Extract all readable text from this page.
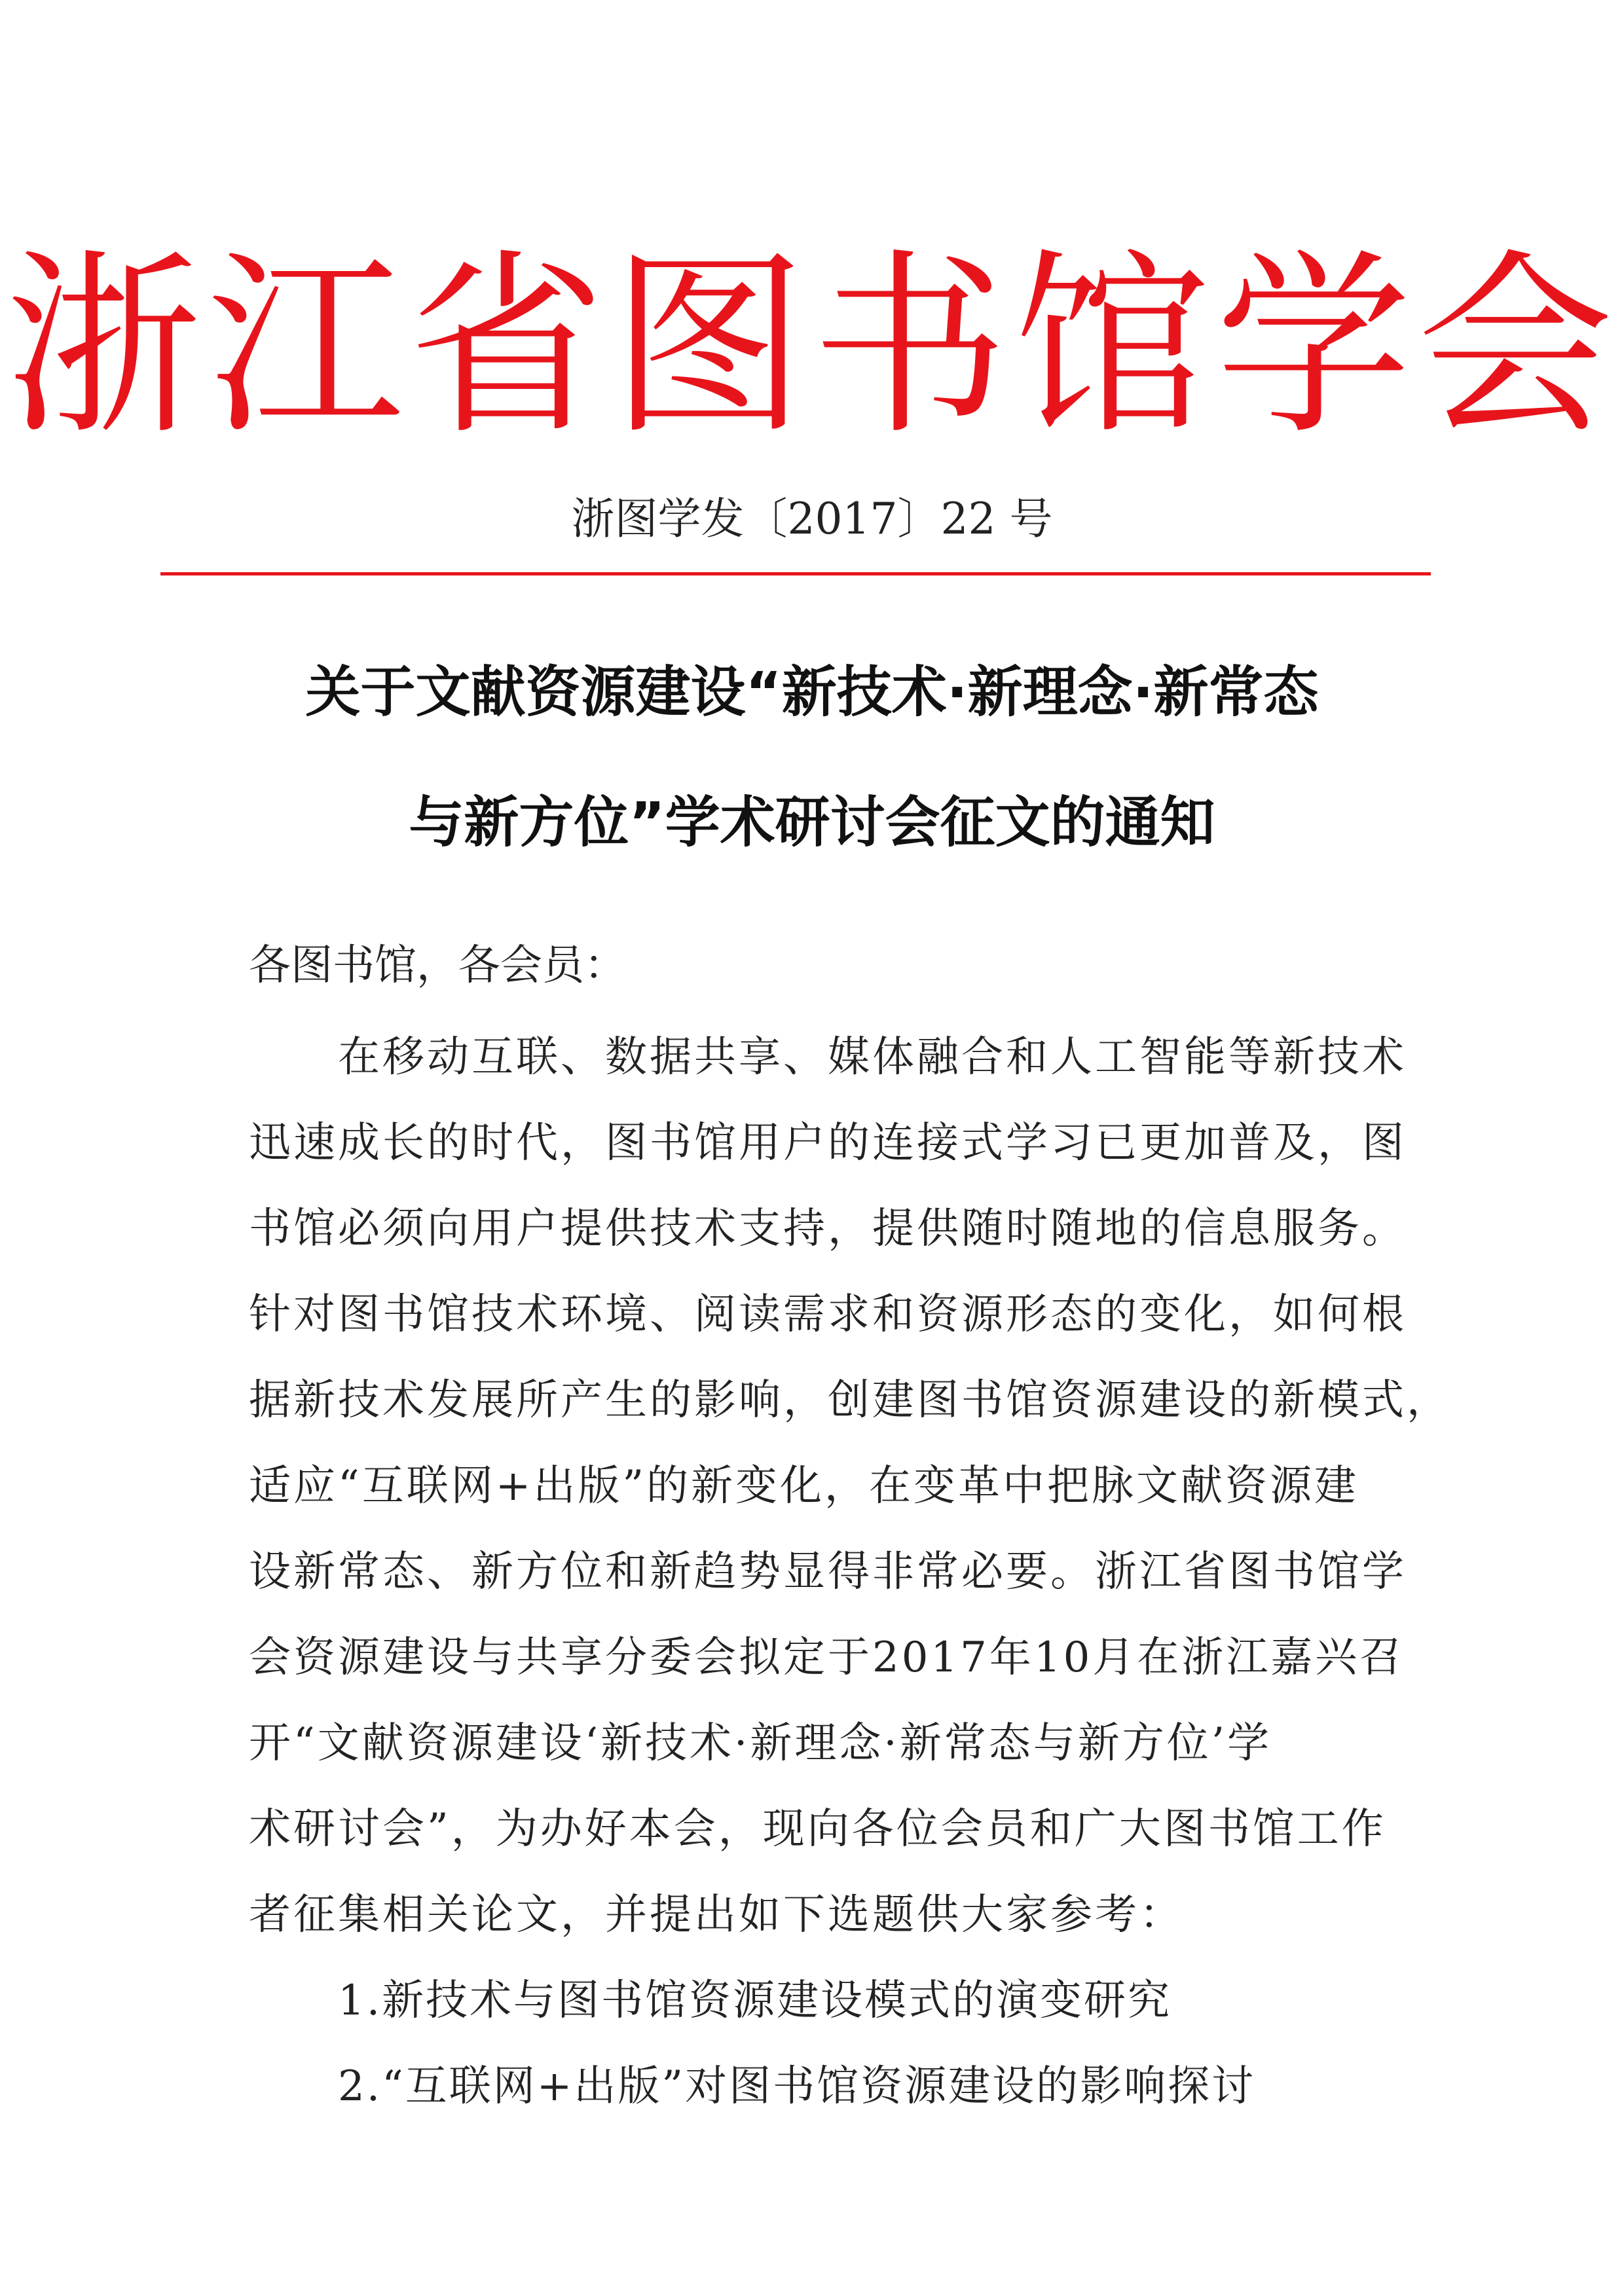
浙江省图书馆学会
浙图学发〔2017〕22 号
关于文献资源建设“新技术·新理念·新常态
与新方位”学术研讨会征文的通知

各图书馆，各会员：

在移动互联、数据共享、媒体融合和人工智能等新技术
迅速成长的时代，图书馆用户的连接式学习已更加普及，图
书馆必须向用户提供技术支持，提供随时随地的信息服务。
针对图书馆技术环境、阅读需求和资源形态的变化，如何根
据新技术发展所产生的影响，创建图书馆资源建设的新模式，
适应“互联网+出版”的新变化，在变革中把脉文献资源建
设新常态、新方位和新趋势显得非常必要。浙江省图书馆学
会资源建设与共享分委会拟定于2017年10月在浙江嘉兴召
开“文献资源建设‘新技术·新理念·新常态与新方位’学
术研讨会”，为办好本会，现向各位会员和广大图书馆工作
者征集相关论文，并提出如下选题供大家参考：
1.新技术与图书馆资源建设模式的演变研究
2.“互联网+出版”对图书馆资源建设的影响探讨
